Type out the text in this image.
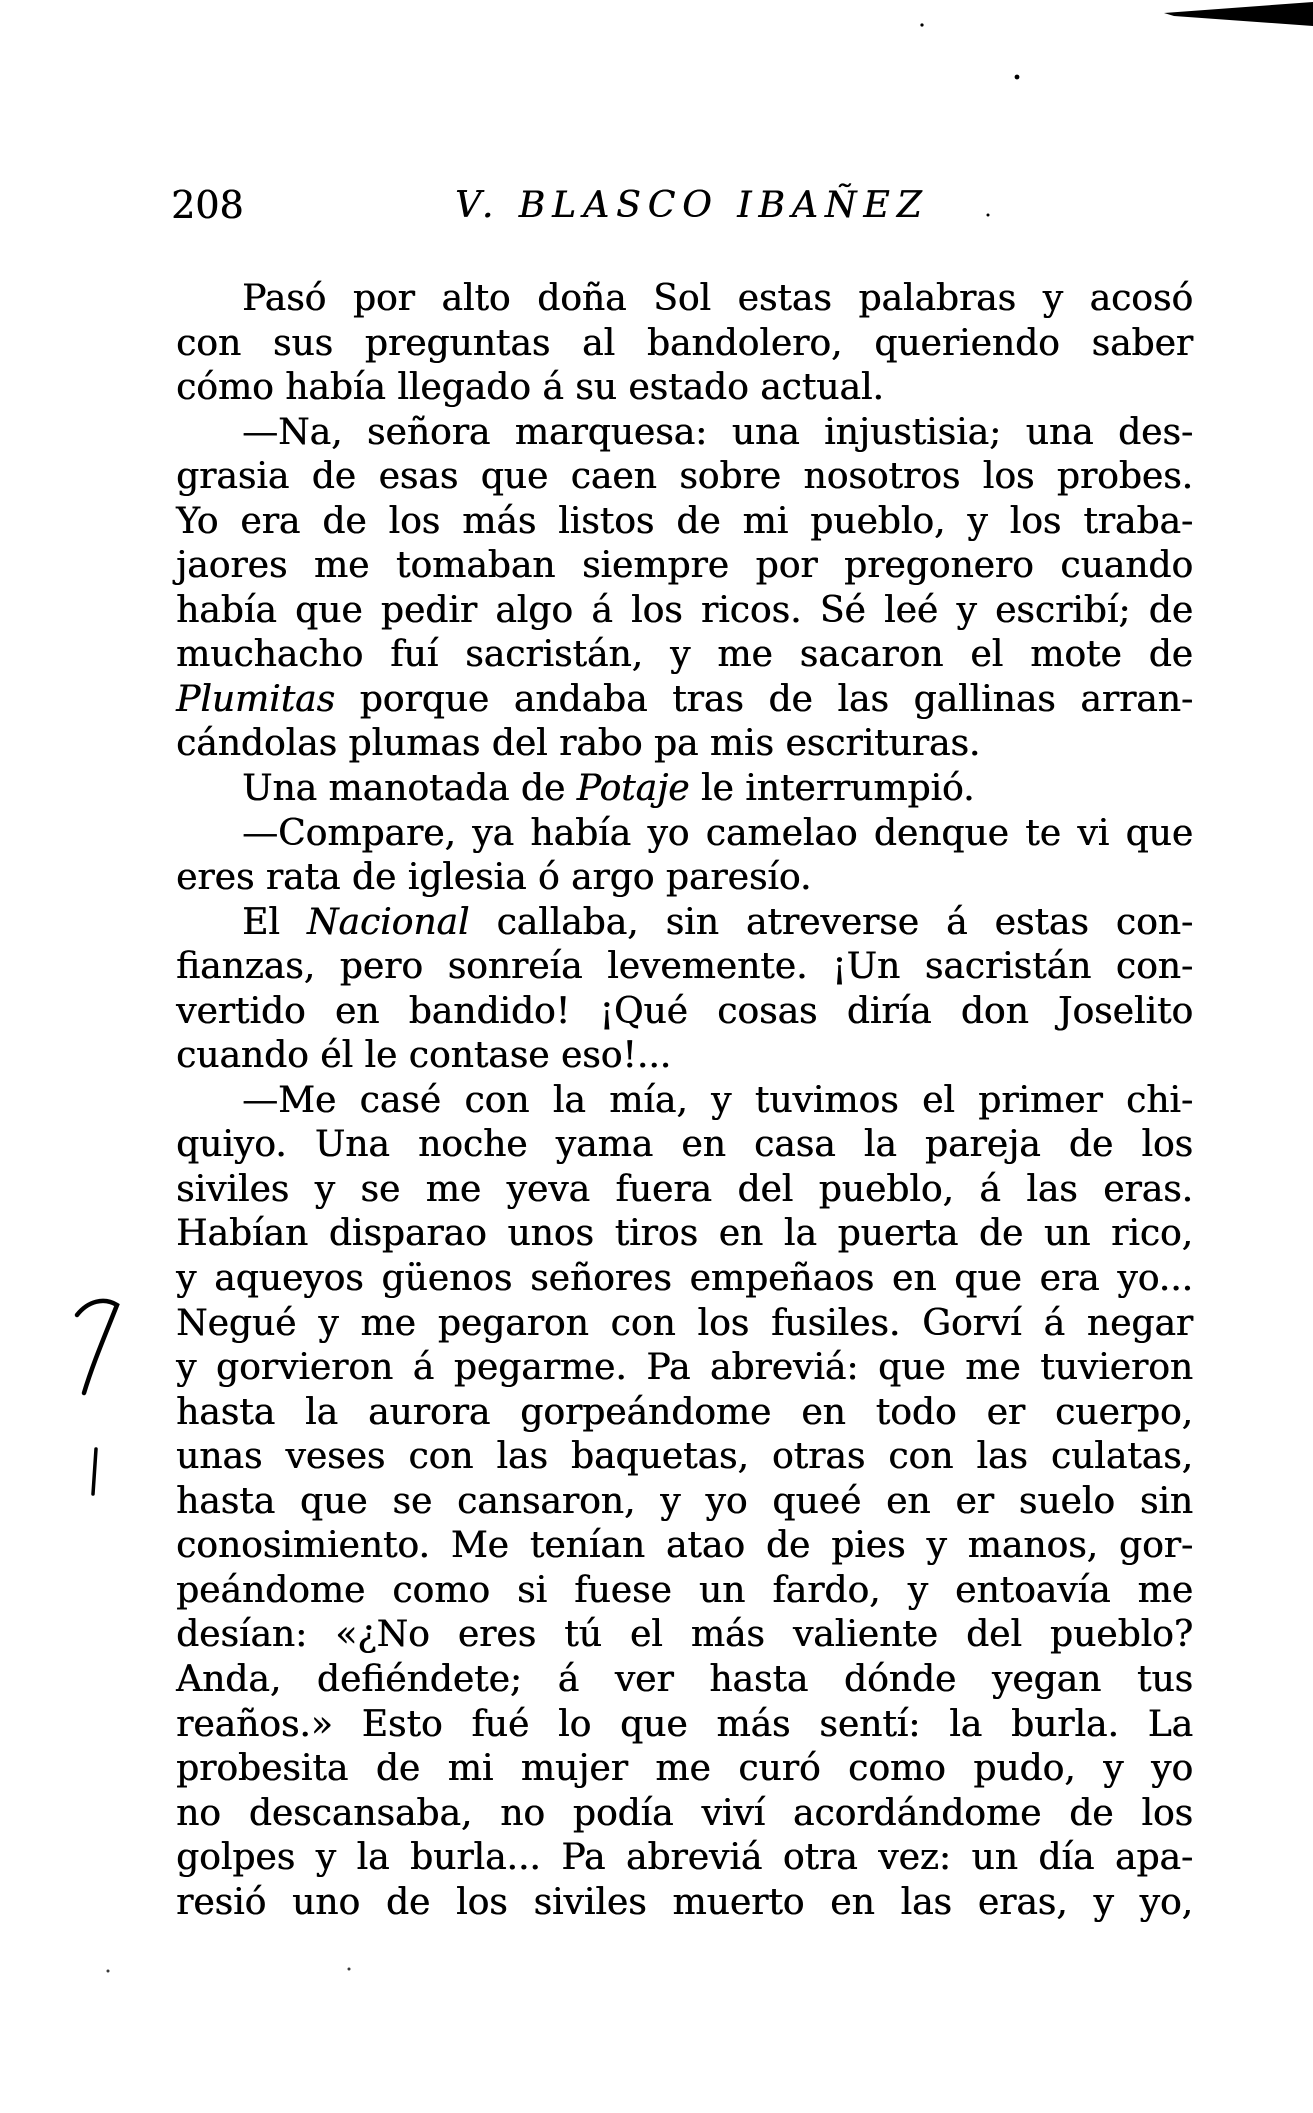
208	V. BLASCO IBAÑEZ
Pasó por alto doña Sol estas palabras y acosó
con sus preguntas al bandolero, queriendo saber
cómo había llegado á su estado actual.
—Na, señora marquesa: una injustisia; una des-
grasia de esas que caen sobre nosotros los probes.
Yo era de los más listos de mi pueblo, y los traba-
jaores me tomaban siempre por pregonero cuando
había que pedir algo á los ricos. Sé leé y escribí; de
muchacho fuí sacristán, y me sacaron el mote de
Plumitas porque andaba tras de las gallinas arran-
cándolas plumas del rabo pa mis escrituras.
Una manotada de Potaje le interrumpió.
—Compare, ya había yo camelao denque te vi que
eres rata de iglesia ó argo paresío.
El Nacional callaba, sin atreverse á estas con-
fianzas, pero sonreía levemente. ¡Un sacristán con-
vertido en bandido! ¡Qué cosas diría don Joselito
cuando él le contase eso!...
—Me casé con la mía, y tuvimos el primer chi-
quiyo. Una noche yama en casa la pareja de los
siviles y se me yeva fuera del pueblo, á las eras.
Habían disparao unos tiros en la puerta de un rico,
y aqueyos güenos señores empeñaos en que era yo...
Negué y me pegaron con los fusiles. Gorví á negar
y gorvieron á pegarme. Pa abreviá: que me tuvieron
hasta la aurora gorpeándome en todo er cuerpo,
unas veses con las baquetas, otras con las culatas,
hasta que se cansaron, y yo queé en er suelo sin
conosimiento. Me tenían atao de pies y manos, gor-
peándome como si fuese un fardo, y entoavía me
desían: «¿No eres tú el más valiente del pueblo?
Anda, defiéndete; á ver hasta dónde yegan tus
reaños.» Esto fué lo que más sentí: la burla. La
probesita de mi mujer me curó como pudo, y yo
no descansaba, no podía viví acordándome de los
golpes y la burla... Pa abreviá otra vez: un día apa-
resió uno de los siviles muerto en las eras, y yo,
